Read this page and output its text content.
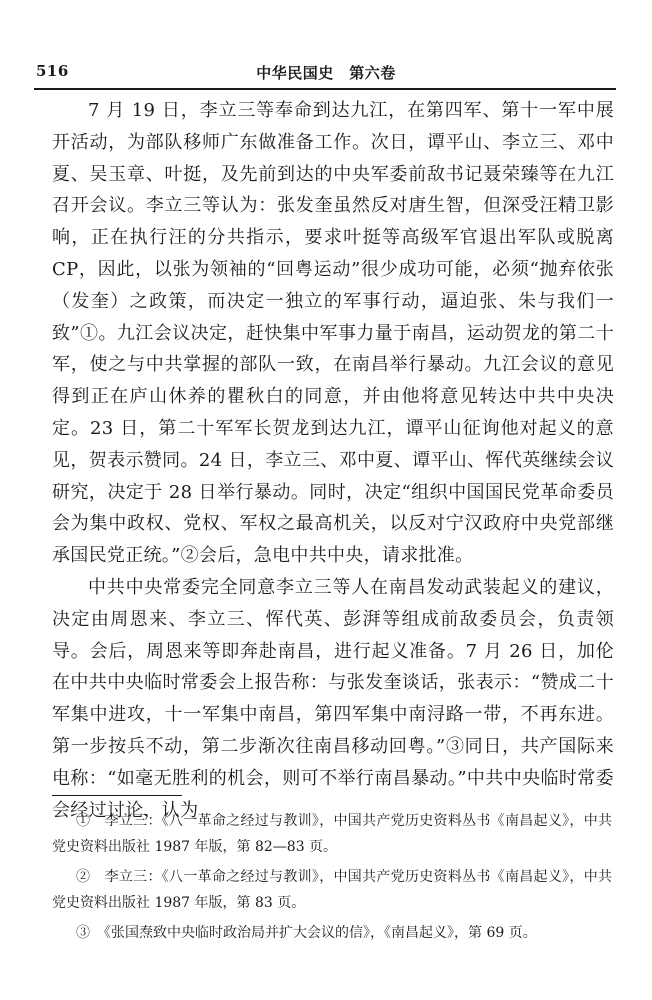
516	中华民国史　第六卷

7 月 19 日，李立三等奉命到达九江，在第四军、第十一军中展开活动，为部队移师广东做准备工作。次日，谭平山、李立三、邓中夏、吴玉章、叶挺，及先前到达的中央军委前敌书记聂荣臻等在九江召开会议。李立三等认为：张发奎虽然反对唐生智，但深受汪精卫影响，正在执行汪的分共指示，要求叶挺等高级军官退出军队或脱离 CP，因此，以张为领袖的“回粤运动”很少成功可能，必须“抛弃依张（发奎）之政策，而决定一独立的军事行动，逼迫张、朱与我们一致”①。九江会议决定，赶快集中军事力量于南昌，运动贺龙的第二十军，使之与中共掌握的部队一致，在南昌举行暴动。九江会议的意见得到正在庐山休养的瞿秋白的同意，并由他将意见转达中共中央决定。23 日，第二十军军长贺龙到达九江，谭平山征询他对起义的意见，贺表示赞同。24 日，李立三、邓中夏、谭平山、恽代英继续会议研究，决定于 28 日举行暴动。同时，决定“组织中国国民党革命委员会为集中政权、党权、军权之最高机关，以反对宁汉政府中央党部继承国民党正统。”②会后，急电中共中央，请求批准。

中共中央常委完全同意李立三等人在南昌发动武装起义的建议，决定由周恩来、李立三、恽代英、彭湃等组成前敌委员会，负责领导。会后，周恩来等即奔赴南昌，进行起义准备。7 月 26 日，加伦在中共中央临时常委会上报告称：与张发奎谈话，张表示：“赞成二十军集中进攻，十一军集中南昌，第四军集中南浔路一带，不再东进。第一步按兵不动，第二步渐次往南昌移动回粤。”③同日，共产国际来电称：“如毫无胜利的机会，则可不举行南昌暴动。”中共中央临时常委会经过讨论，认为

①　李立三：《八一革命之经过与教训》，中国共产党历史资料丛书《南昌起义》，中共党史资料出版社 1987 年版，第 82—83 页。

②　李立三：《八一革命之经过与教训》，中国共产党历史资料丛书《南昌起义》，中共党史资料出版社 1987 年版，第 83 页。

③　《张国焘致中央临时政治局并扩大会议的信》，《南昌起义》，第 69 页。
